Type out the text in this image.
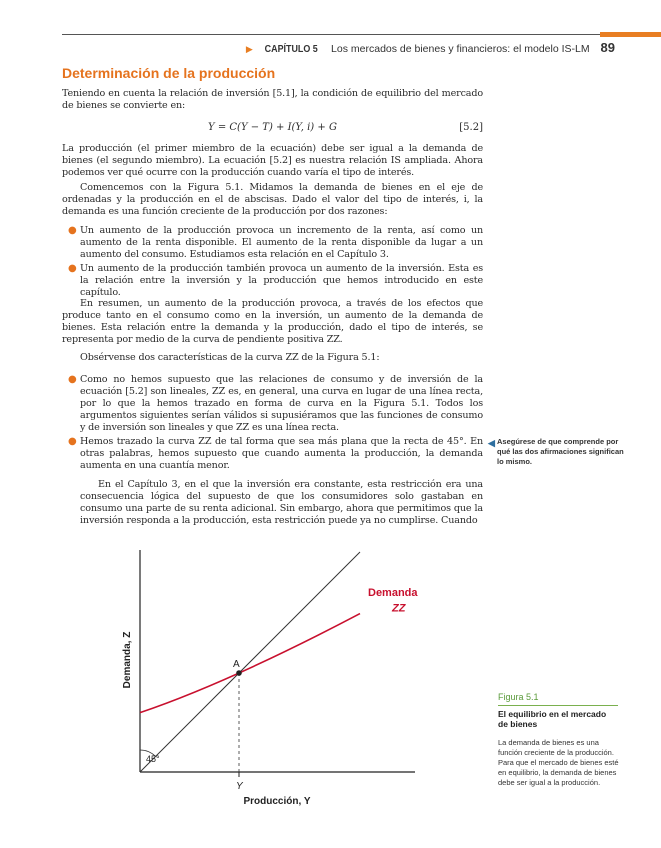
▶ CAPÍTULO 5 Los mercados de bienes y financieros: el modelo IS-LM 89
Determinación de la producción

Teniendo en cuenta la relación de inversión [5.1], la condición de equilibrio del mercado de bienes se convierte en:

Y = C(Y − T) + I(Y, i) + G	[5.2]

La producción (el primer miembro de la ecuación) debe ser igual a la demanda de bienes (el segundo miembro). La ecuación [5.2] es nuestra relación IS ampliada. Ahora podemos ver qué ocurre con la producción cuando varía el tipo de interés.

Comencemos con la Figura 5.1. Midamos la demanda de bienes en el eje de ordenadas y la producción en el de abscisas. Dado el valor del tipo de interés, i, la demanda es una función creciente de la producción por dos razones:

● Un aumento de la producción provoca un incremento de la renta, así como un aumento de la renta disponible. El aumento de la renta disponible da lugar a un aumento del consumo. Estudiamos esta relación en el Capítulo 3.
● Un aumento de la producción también provoca un aumento de la inversión. Esta es la relación entre la inversión y la producción que hemos introducido en este capítulo.

En resumen, un aumento de la producción provoca, a través de los efectos que produce tanto en el consumo como en la inversión, un aumento de la demanda de bienes. Esta relación entre la demanda y la producción, dado el tipo de interés, se representa por medio de la curva de pendiente positiva ZZ.

Obsérvense dos características de la curva ZZ de la Figura 5.1:

● Como no hemos supuesto que las relaciones de consumo y de inversión de la ecuación [5.2] son lineales, ZZ es, en general, una curva en lugar de una línea recta, por lo que la hemos trazado en forma de curva en la Figura 5.1. Todos los argumentos siguientes serían válidos si supusiéramos que las funciones de consumo y de inversión son lineales y que ZZ es una línea recta.
● Hemos trazado la curva ZZ de tal forma que sea más plana que la recta de 45°. En otras palabras, hemos supuesto que cuando aumenta la producción, la demanda aumenta en una cuantía menor.

En el Capítulo 3, en el que la inversión era constante, esta restricción era una consecuencia lógica del supuesto de que los consumidores solo gastaban en consumo una parte de su renta adicional. Sin embargo, ahora que permitimos que la inversión responda a la producción, esta restricción puede ya no cumplirse. Cuando

◀ Asegúrese de que comprende por qué las dos afirmaciones significan lo mismo.
A
45°
Demanda
ZZ
Y
Producción, Y
Demanda, Z
Figura 5.1
El equilibrio en el mercado de bienes
La demanda de bienes es una función creciente de la producción. Para que el mercado de bienes esté en equilibrio, la demanda de bienes debe ser igual a la producción.
